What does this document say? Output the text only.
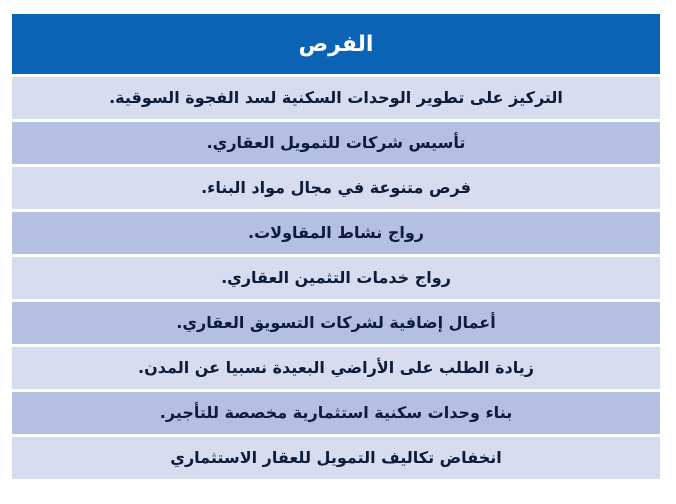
الفرص
التركيز على تطوير الوحدات السكنية لسد الفجوة السوقية.
تأسيس شركات للتمويل العقاري.
فرص متنوعة في مجال مواد البناء.
رواج نشاط المقاولات.
رواج خدمات التثمين العقاري.
أعمال إضافية لشركات التسويق العقاري.
زيادة الطلب على الأراضي البعيدة نسبيا عن المدن.
بناء وحدات سكنية استثمارية مخصصة للتأجير.
انخفاض تكاليف التمويل للعقار الاستثماري
